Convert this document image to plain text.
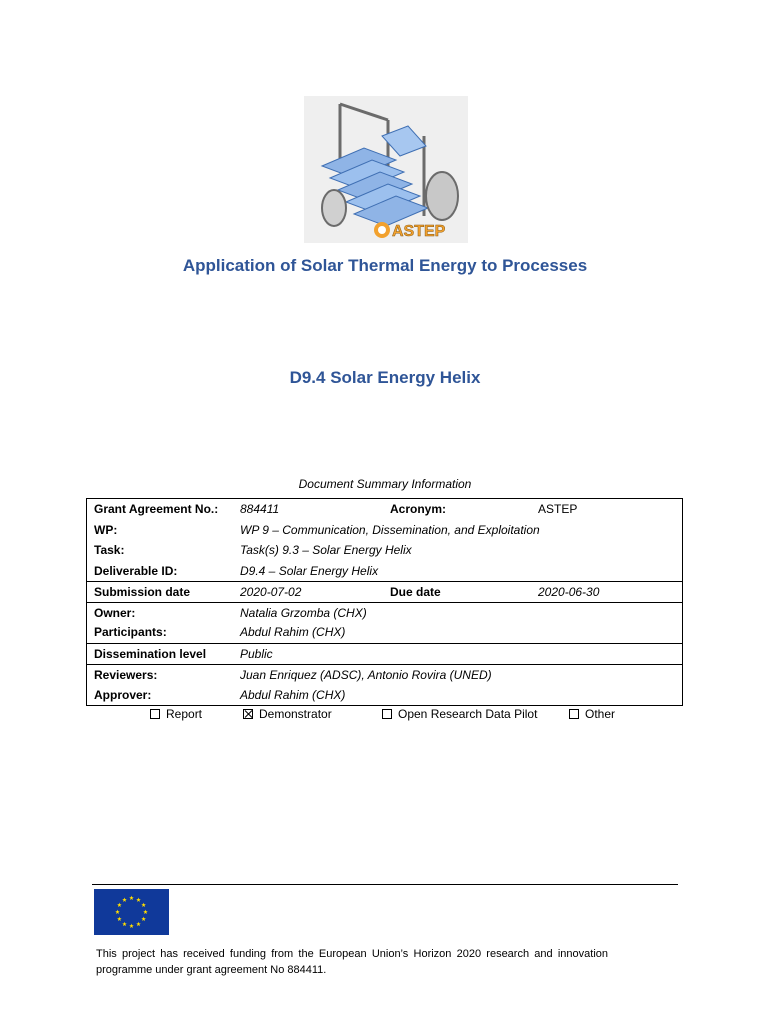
ASTEP
Application of Solar Thermal Energy to Processes
D9.4 Solar Energy Helix
Document Summary Information
Grant Agreement No.: 884411	Acronym:	ASTEP
WP:	WP 9 – Communication, Dissemination, and Exploitation
Task:	Task(s) 9.3 – Solar Energy Helix
Deliverable ID:	D9.4 – Solar Energy Helix
Submission date	2020-07-02	Due date	2020-06-30
Owner:	Natalia Grzomba (CHX)
Participants:	Abdul Rahim (CHX)
Dissemination level	Public
Reviewers:	Juan Enriquez (ADSC), Antonio Rovira (UNED)
Approver:	Abdul Rahim (CHX)
Report	Demonstrator	Open Research Data Pilot	Other
This project has received funding from the European Union’s Horizon 2020 research and innovation programme under grant agreement No 884411.
